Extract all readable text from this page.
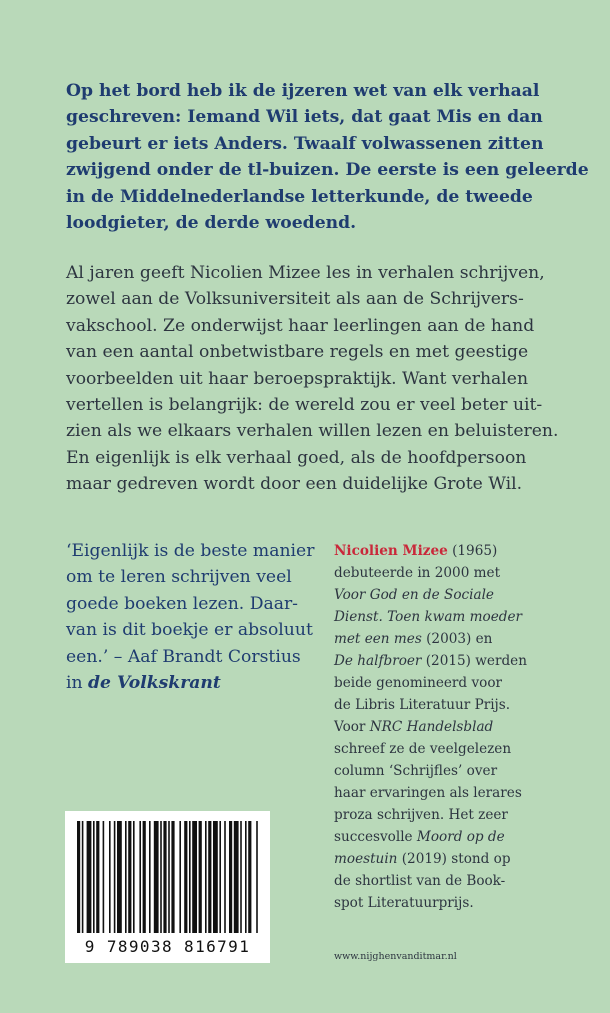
Op het bord heb ik de ijzeren wet van elk verhaal
geschreven: Iemand Wil iets, dat gaat Mis en dan
gebeurt er iets Anders. Twaalf volwassenen zitten
zwijgend onder de tl-buizen. De eerste is een geleerde
in de Middelnederlandse letterkunde, de tweede
loodgieter, de derde woedend.

Al jaren geeft Nicolien Mizee les in verhalen schrijven,
zowel aan de Volksuniversiteit als aan de Schrijvers-
vakschool. Ze onderwijst haar leerlingen aan de hand
van een aantal onbetwistbare regels en met geestige
voorbeelden uit haar beroepspraktijk. Want verhalen
vertellen is belangrijk: de wereld zou er veel beter uit-
zien als we elkaars verhalen willen lezen en beluisteren.
En eigenlijk is elk verhaal goed, als de hoofdpersoon
maar gedreven wordt door een duidelijke Grote Wil.

‘Eigenlijk is de beste manier
om te leren schrijven veel
goede boeken lezen. Daar-
van is dit boekje er absoluut
een.’ – Aaf Brandt Corstius
in de Volkskrant

Nicolien Mizee (1965)
debuteerde in 2000 met
Voor God en de Sociale
Dienst. Toen kwam moeder
met een mes (2003) en
De halfbroer (2015) werden
beide genomineerd voor
de Libris Literatuur Prijs.
Voor NRC Handelsblad
schreef ze de veelgelezen
column ‘Schrijfles’ over
haar ervaringen als lerares
proza schrijven. Het zeer
succesvolle Moord op de
moestuin (2019) stond op
de shortlist van de Book-
spot Literatuurprijs.

9 789038 816791
www.nijghenvanditmar.nl
